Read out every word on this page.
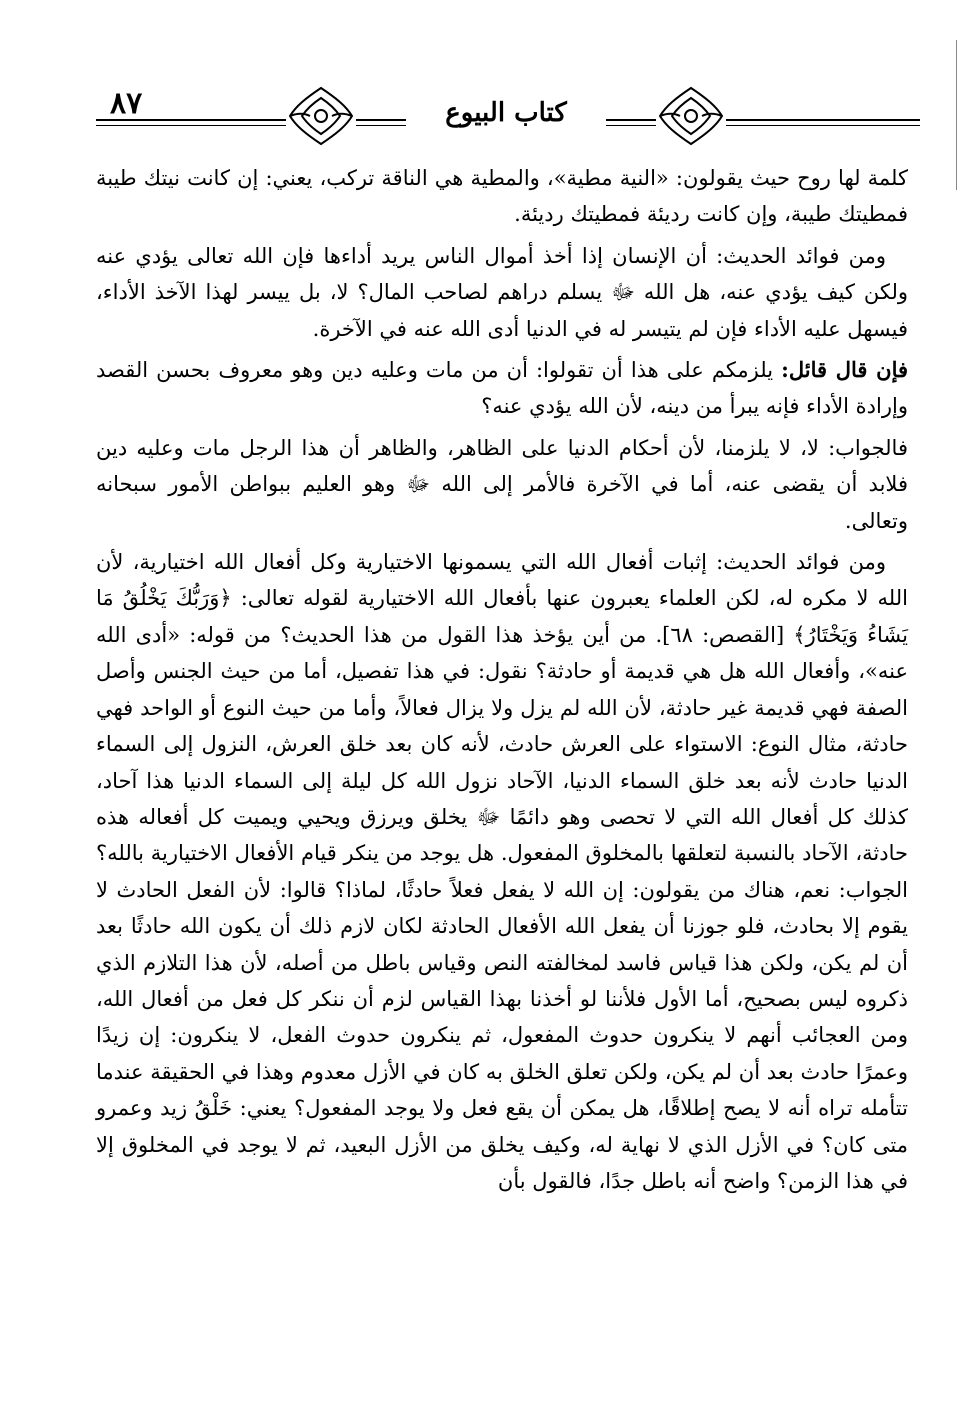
٨٧	كتاب البيوع

كلمة لها روح حيث يقولون: «النية مطية»، والمطية هي الناقة تركب، يعني: إن كانت نيتك طيبة فمطيتك طيبة، وإن كانت رديئة فمطيتك رديئة.

ومن فوائد الحديث: أن الإنسان إذا أخذ أموال الناس يريد أداءها فإن الله تعالى يؤدي عنه ولكن كيف يؤدي عنه، هل الله ﷻ يسلم دراهم لصاحب المال؟ لا، بل ييسر لهذا الآخذ الأداء، فيسهل عليه الأداء فإن لم يتيسر له في الدنيا أدى الله عنه في الآخرة.

فإن قال قائل: يلزمكم على هذا أن تقولوا: أن من مات وعليه دين وهو معروف بحسن القصد وإرادة الأداء فإنه يبرأ من دينه، لأن الله يؤدي عنه؟

فالجواب: لا، لا يلزمنا، لأن أحكام الدنيا على الظاهر، والظاهر أن هذا الرجل مات وعليه دين فلابد أن يقضى عنه، أما في الآخرة فالأمر إلى الله ﷻ وهو العليم ببواطن الأمور سبحانه وتعالى.

ومن فوائد الحديث: إثبات أفعال الله التي يسمونها الاختيارية وكل أفعال الله اختيارية، لأن الله لا مكره له، لكن العلماء يعبرون عنها بأفعال الله الاختيارية لقوله تعالى: ﴿وَرَبُّكَ يَخْلُقُ مَا يَشَاءُ وَيَخْتَارُ﴾ [القصص: ٦٨]. من أين يؤخذ هذا القول من هذا الحديث؟ من قوله: «أدى الله عنه»، وأفعال الله هل هي قديمة أو حادثة؟ نقول: في هذا تفصيل، أما من حيث الجنس وأصل الصفة فهي قديمة غير حادثة، لأن الله لم يزل ولا يزال فعالاً، وأما من حيث النوع أو الواحد فهي حادثة، مثال النوع: الاستواء على العرش حادث، لأنه كان بعد خلق العرش، النزول إلى السماء الدنيا حادث لأنه بعد خلق السماء الدنيا، الآحاد نزول الله كل ليلة إلى السماء الدنيا هذا آحاد، كذلك كل أفعال الله التي لا تحصى وهو دائمًا ﷻ يخلق ويرزق ويحيي ويميت كل أفعاله هذه حادثة، الآحاد بالنسبة لتعلقها بالمخلوق المفعول. هل يوجد من ينكر قيام الأفعال الاختيارية بالله؟ الجواب: نعم، هناك من يقولون: إن الله لا يفعل فعلاً حادثًا، لماذا؟ قالوا: لأن الفعل الحادث لا يقوم إلا بحادث، فلو جوزنا أن يفعل الله الأفعال الحادثة لكان لازم ذلك أن يكون الله حادثًا بعد أن لم يكن، ولكن هذا قياس فاسد لمخالفته النص وقياس باطل من أصله، لأن هذا التلازم الذي ذكروه ليس بصحيح، أما الأول فلأننا لو أخذنا بهذا القياس لزم أن ننكر كل فعل من أفعال الله، ومن العجائب أنهم لا ينكرون حدوث المفعول، ثم ينكرون حدوث الفعل، لا ينكرون: إن زيدًا وعمرًا حادث بعد أن لم يكن، ولكن تعلق الخلق به كان في الأزل معدوم وهذا في الحقيقة عندما تتأمله تراه أنه لا يصح إطلاقًا، هل يمكن أن يقع فعل ولا يوجد المفعول؟ يعني: خَلْقُ زيد وعمرو متى كان؟ في الأزل الذي لا نهاية له، وكيف يخلق من الأزل البعيد، ثم لا يوجد في المخلوق إلا في هذا الزمن؟ واضح أنه باطل جدًا، فالقول بأن
